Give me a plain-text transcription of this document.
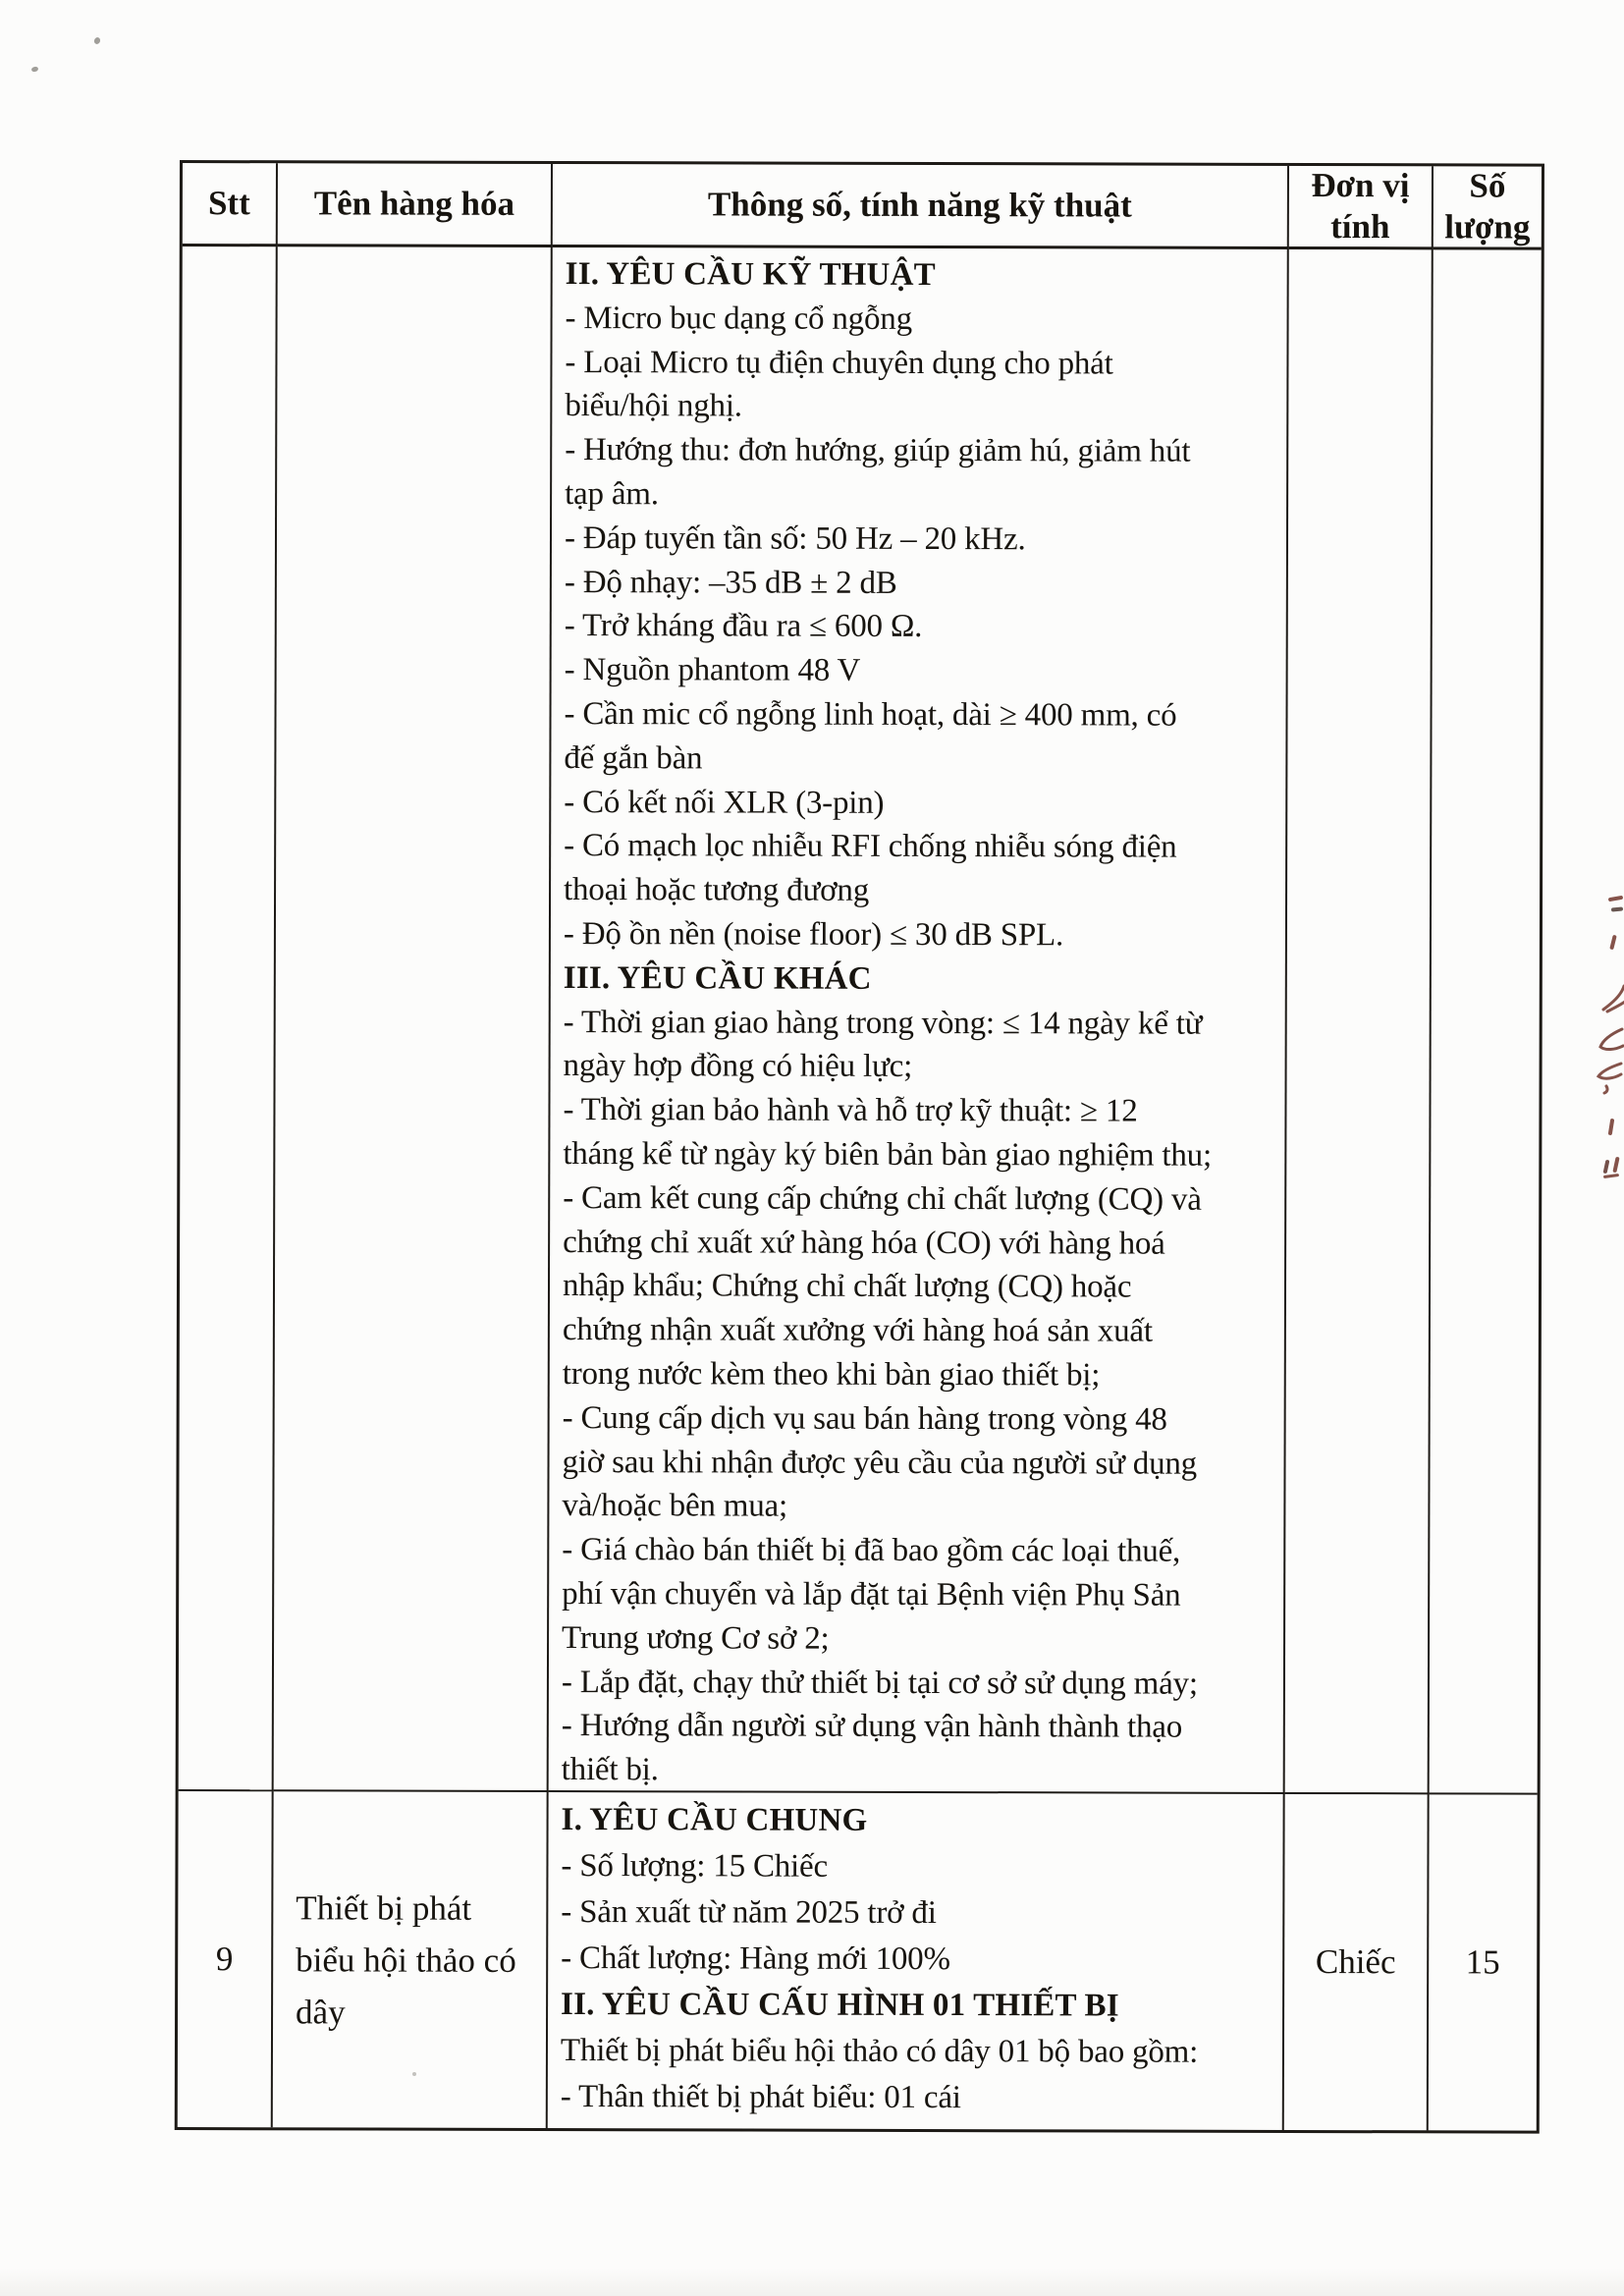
Stt Tên hàng hóa	Thông số, tính năng kỹ thuật	Đơn vị
tính
Số
lượng
II. YÊU CẦU KỸ THUẬT
- Micro bục dạng cổ ngỗng
- Loại Micro tụ điện chuyên dụng cho phát
biểu/hội nghị.
- Hướng thu: đơn hướng, giúp giảm hú, giảm hút
tạp âm.
- Đáp tuyến tần số: 50 Hz – 20 kHz.
- Độ nhạy: –35 dB ± 2 dB
- Trở kháng đầu ra ≤ 600 Ω.
- Nguồn phantom 48 V
- Cần mic cổ ngỗng linh hoạt, dài ≥ 400 mm, có
đế gắn bàn
- Có kết nối XLR (3-pin)
- Có mạch lọc nhiễu RFI chống nhiễu sóng điện
thoại hoặc tương đương
- Độ ồn nền (noise floor) ≤ 30 dB SPL.
III. YÊU CẦU KHÁC
- Thời gian giao hàng trong vòng: ≤ 14 ngày kể từ
ngày hợp đồng có hiệu lực;
- Thời gian bảo hành và hỗ trợ kỹ thuật: ≥ 12
tháng kể từ ngày ký biên bản bàn giao nghiệm thu;
- Cam kết cung cấp chứng chỉ chất lượng (CQ) và
chứng chỉ xuất xứ hàng hóa (CO) với hàng hoá
nhập khẩu; Chứng chỉ chất lượng (CQ) hoặc
chứng nhận xuất xưởng với hàng hoá sản xuất
trong nước kèm theo khi bàn giao thiết bị;
- Cung cấp dịch vụ sau bán hàng trong vòng 48
giờ sau khi nhận được yêu cầu của người sử dụng
và/hoặc bên mua;
- Giá chào bán thiết bị đã bao gồm các loại thuế,
phí vận chuyển và lắp đặt tại Bệnh viện Phụ Sản
Trung ương Cơ sở 2;
- Lắp đặt, chạy thử thiết bị tại cơ sở sử dụng máy;
- Hướng dẫn người sử dụng vận hành thành thạo
thiết bị.
9
Thiết bị phát
biểu hội thảo có
dây
I. YÊU CẦU CHUNG
- Số lượng: 15 Chiếc
- Sản xuất từ năm 2025 trở đi
- Chất lượng: Hàng mới 100%
II. YÊU CẦU CẤU HÌNH 01 THIẾT BỊ
Thiết bị phát biểu hội thảo có dây 01 bộ bao gồm:
- Thân thiết bị phát biểu: 01 cái
Chiếc 15
